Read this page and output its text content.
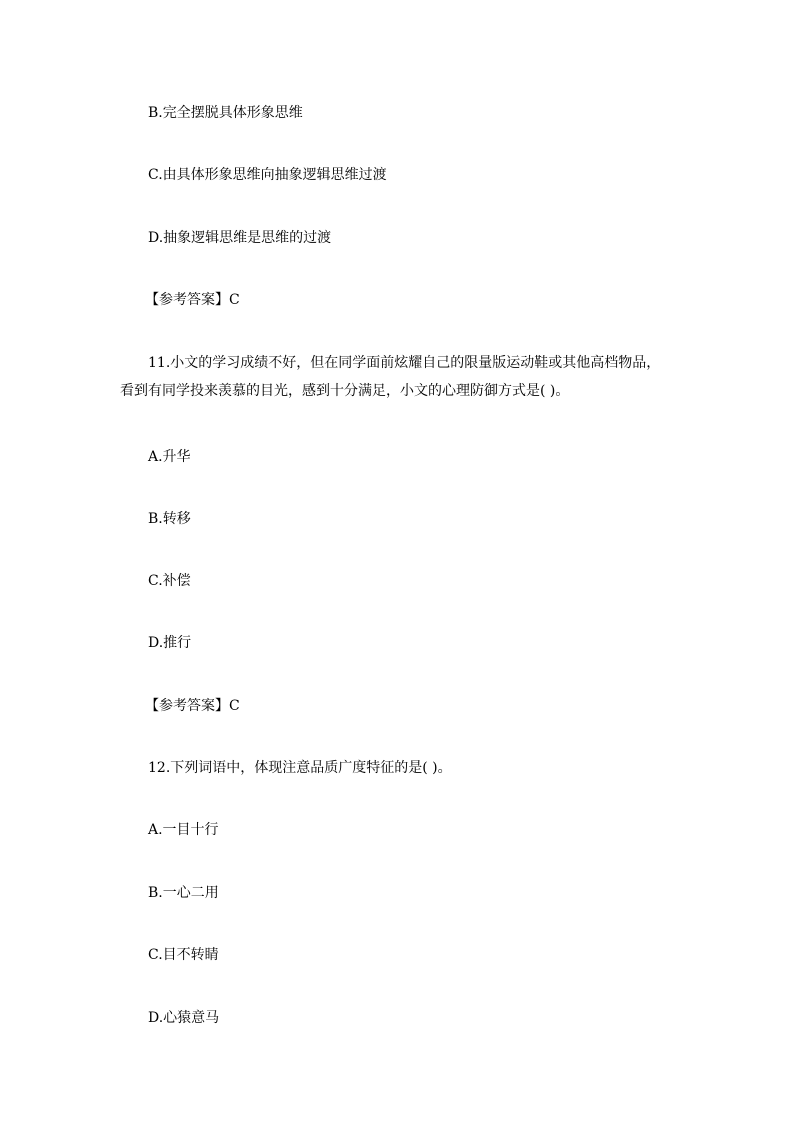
B.完全摆脱具体形象思维

C.由具体形象思维向抽象逻辑思维过渡

D.抽象逻辑思维是思维的过渡

【参考答案】C

11.小文的学习成绩不好，但在同学面前炫耀自己的限量版运动鞋或其他高档物品，看到有同学投来羡慕的目光，感到十分满足，小文的心理防御方式是( )。

A.升华

B.转移

C.补偿

D.推行

【参考答案】C

12.下列词语中，体现注意品质广度特征的是( )。

A.一目十行

B.一心二用

C.目不转睛

D.心猿意马
